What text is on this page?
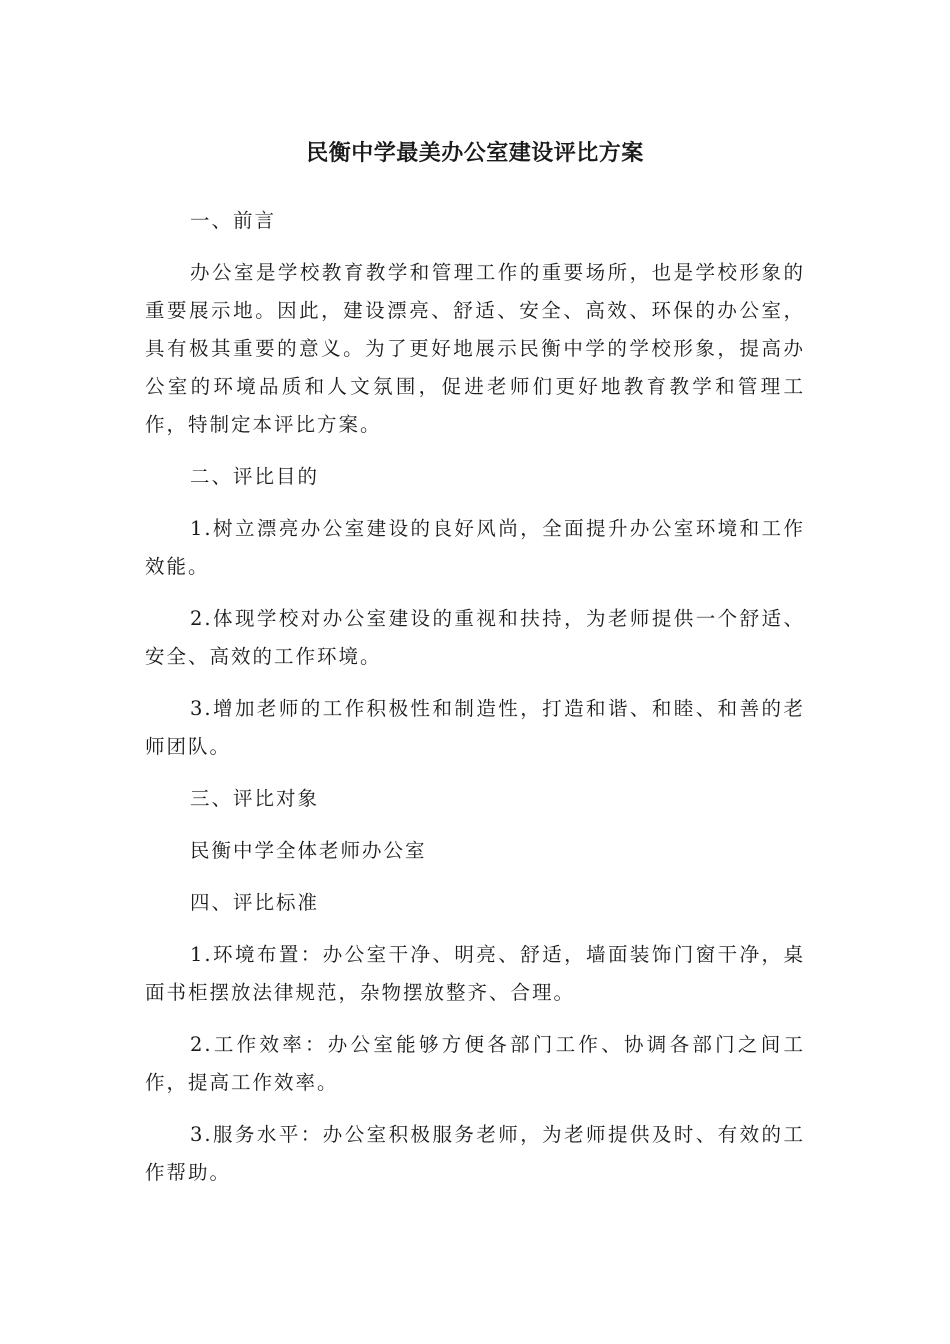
民衡中学最美办公室建设评比方案

一、前言

办公室是学校教育教学和管理工作的重要场所，也是学校形象的重要展示地。因此，建设漂亮、舒适、安全、高效、环保的办公室，具有极其重要的意义。为了更好地展示民衡中学的学校形象，提高办公室的环境品质和人文氛围，促进老师们更好地教育教学和管理工作，特制定本评比方案。

二、评比目的

1.树立漂亮办公室建设的良好风尚，全面提升办公室环境和工作效能。

2.体现学校对办公室建设的重视和扶持，为老师提供一个舒适、安全、高效的工作环境。

3.增加老师的工作积极性和制造性，打造和谐、和睦、和善的老师团队。

三、评比对象

民衡中学全体老师办公室

四、评比标准

1.环境布置：办公室干净、明亮、舒适，墙面装饰门窗干净，桌面书柜摆放法律规范，杂物摆放整齐、合理。

2.工作效率：办公室能够方便各部门工作、协调各部门之间工作，提高工作效率。

3.服务水平：办公室积极服务老师，为老师提供及时、有效的工作帮助。
